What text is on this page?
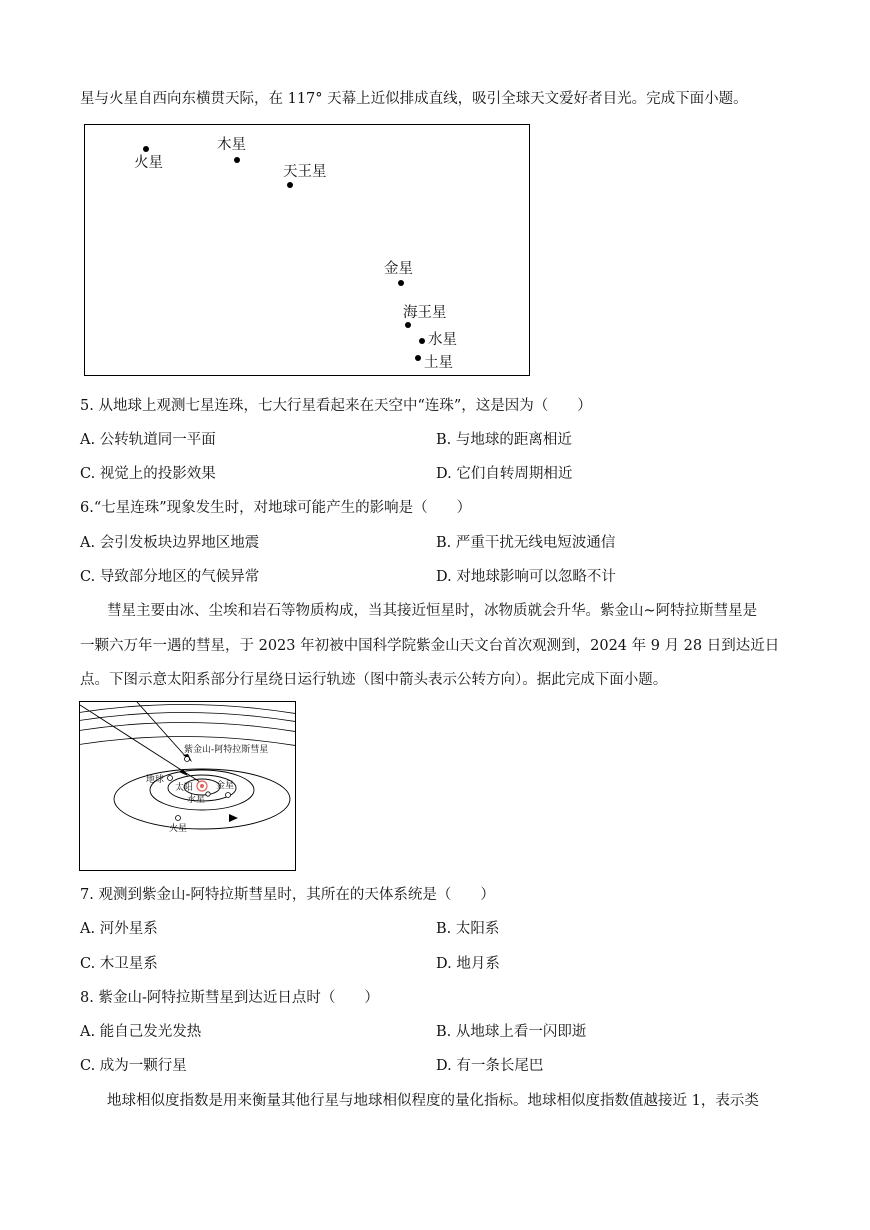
星与火星自西向东横贯天际，在 117° 天幕上近似排成直线，吸引全球天文爱好者目光。完成下面小题。
火星
木星
天王星
金星
海王星
水星
土星
5. 从地球上观测七星连珠，七大行星看起来在天空中“连珠”，这是因为（　　）
A. 公转轨道同一平面	B. 与地球的距离相近
C. 视觉上的投影效果	D. 它们自转周期相近
6.“七星连珠”现象发生时，对地球可能产生的影响是（　　）
A. 会引发板块边界地区地震	B. 严重干扰无线电短波通信
C. 导致部分地区的气候异常	D. 对地球影响可以忽略不计
彗星主要由冰、尘埃和岩石等物质构成，当其接近恒星时，冰物质就会升华。紫金山~阿特拉斯彗星是
一颗六万年一遇的彗星，于 2023 年初被中国科学院紫金山天文台首次观测到，2024 年 9 月 28 日到达近日
点。下图示意太阳系部分行星绕日运行轨迹（图中箭头表示公转方向）。据此完成下面小题。
紫金山-阿特拉斯彗星
地球
太阳	金星
水星
火星
7. 观测到紫金山-阿特拉斯彗星时，其所在的天体系统是（　　）
A. 河外星系	B. 太阳系
C. 木卫星系	D. 地月系
8. 紫金山-阿特拉斯彗星到达近日点时（　　）
A. 能自己发光发热	B. 从地球上看一闪即逝
C. 成为一颗行星	D. 有一条长尾巴
地球相似度指数是用来衡量其他行星与地球相似程度的量化指标。地球相似度指数值越接近 1，表示类
